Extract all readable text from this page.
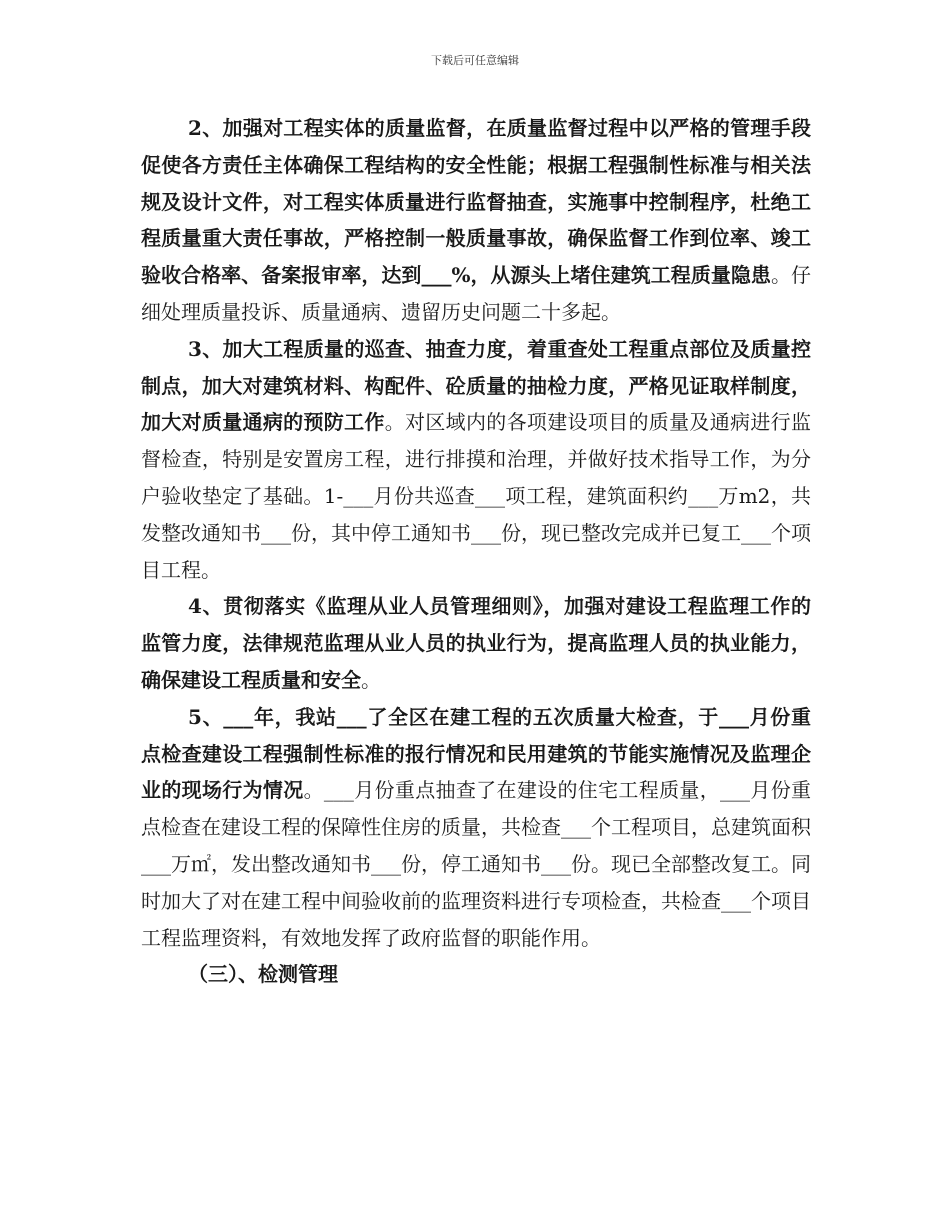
下载后可任意编辑

2、加强对工程实体的质量监督，在质量监督过程中以严格的管理手段促使各方责任主体确保工程结构的安全性能；根据工程强制性标准与相关法规及设计文件，对工程实体质量进行监督抽查，实施事中控制程序，杜绝工程质量重大责任事故，严格控制一般质量事故，确保监督工作到位率、竣工验收合格率、备案报审率，达到___%，从源头上堵住建筑工程质量隐患。仔细处理质量投诉、质量通病、遗留历史问题二十多起。

3、加大工程质量的巡查、抽查力度，着重查处工程重点部位及质量控制点，加大对建筑材料、构配件、砼质量的抽检力度，严格见证取样制度，加大对质量通病的预防工作。对区域内的各项建设项目的质量及通病进行监督检查，特别是安置房工程，进行排摸和治理，并做好技术指导工作，为分户验收垫定了基础。1-___月份共巡查___项工程，建筑面积约___万m2，共发整改通知书___份，其中停工通知书___份，现已整改完成并已复工___个项目工程。

4、贯彻落实《监理从业人员管理细则》，加强对建设工程监理工作的监管力度，法律规范监理从业人员的执业行为，提高监理人员的执业能力，确保建设工程质量和安全。

5、___年，我站___了全区在建工程的五次质量大检查，于___月份重点检查建设工程强制性标准的报行情况和民用建筑的节能实施情况及监理企业的现场行为情况。___月份重点抽查了在建设的住宅工程质量，___月份重点检查在建设工程的保障性住房的质量，共检查___个工程项目，总建筑面积___万㎡，发出整改通知书___份，停工通知书___份。现已全部整改复工。同时加大了对在建工程中间验收前的监理资料进行专项检查，共检查___个项目工程监理资料，有效地发挥了政府监督的职能作用。

（三）、检测管理
